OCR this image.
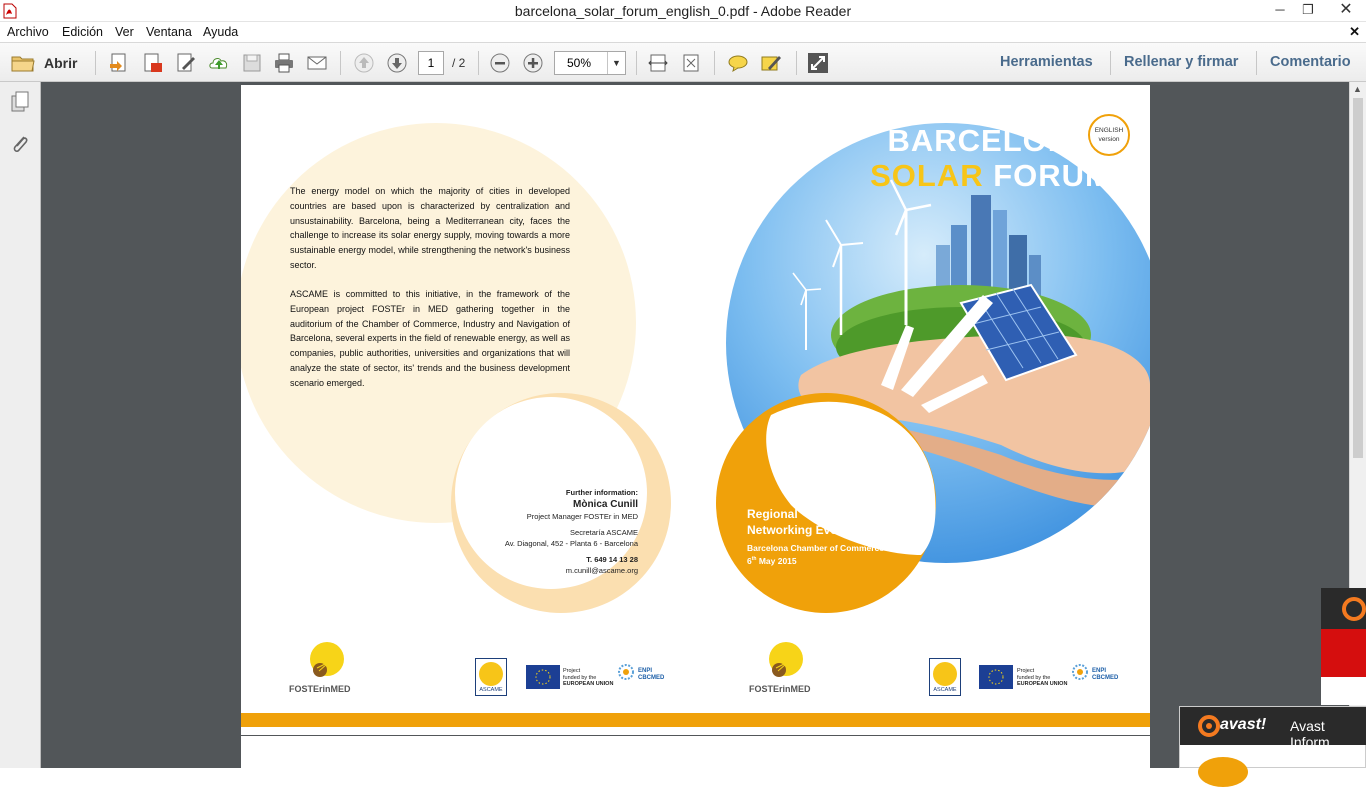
barcelona_solar_forum_english_0.pdf - Adobe Reader	─	❐	✕
Archivo Edición Ver Ventana Ayuda	✕
Abrir	1	/ 2	50%	▼	Herramientas Rellenar y firmar Comentario
BARCELONA
SOLAR FORUM
ENGLISH
version
The energy model on which the majority of cities in developed countries are based upon is characterized by centralization and unsustainability. Barcelona, being a Mediterranean city, faces the challenge to increase its solar energy supply, moving towards a more sustainable energy model, while strengthening the network's business sector.
ASCAME is committed to this initiative, in the framework of the European project FOSTEr in MED gathering together in the auditorium of the Chamber of Commerce, Industry and Navigation of Barcelona, several experts in the field of renewable energy, as well as companies, public authorities, universities and organizations that will analyze the state of sector, its' trends and the business development scenario emerged.
Further information:
Mònica Cunill
Project Manager FOSTEr in MED
Secretaría ASCAME
Av. Diagonal, 452 - Planta 6 - Barcelona
T. 649 14 13 28
m.cunill@ascame.org
Regional
Networking Event
Barcelona Chamber of Commerce
6th May 2015
FOSTErinMED	ASCAME
Project
funded by the
EUROPEAN UNION
ENPI
CBCMED
FOSTErinMED	ASCAME
Project
funded by the
EUROPEAN UNION
ENPI
CBCMED
▲
avast! Avast Inform
